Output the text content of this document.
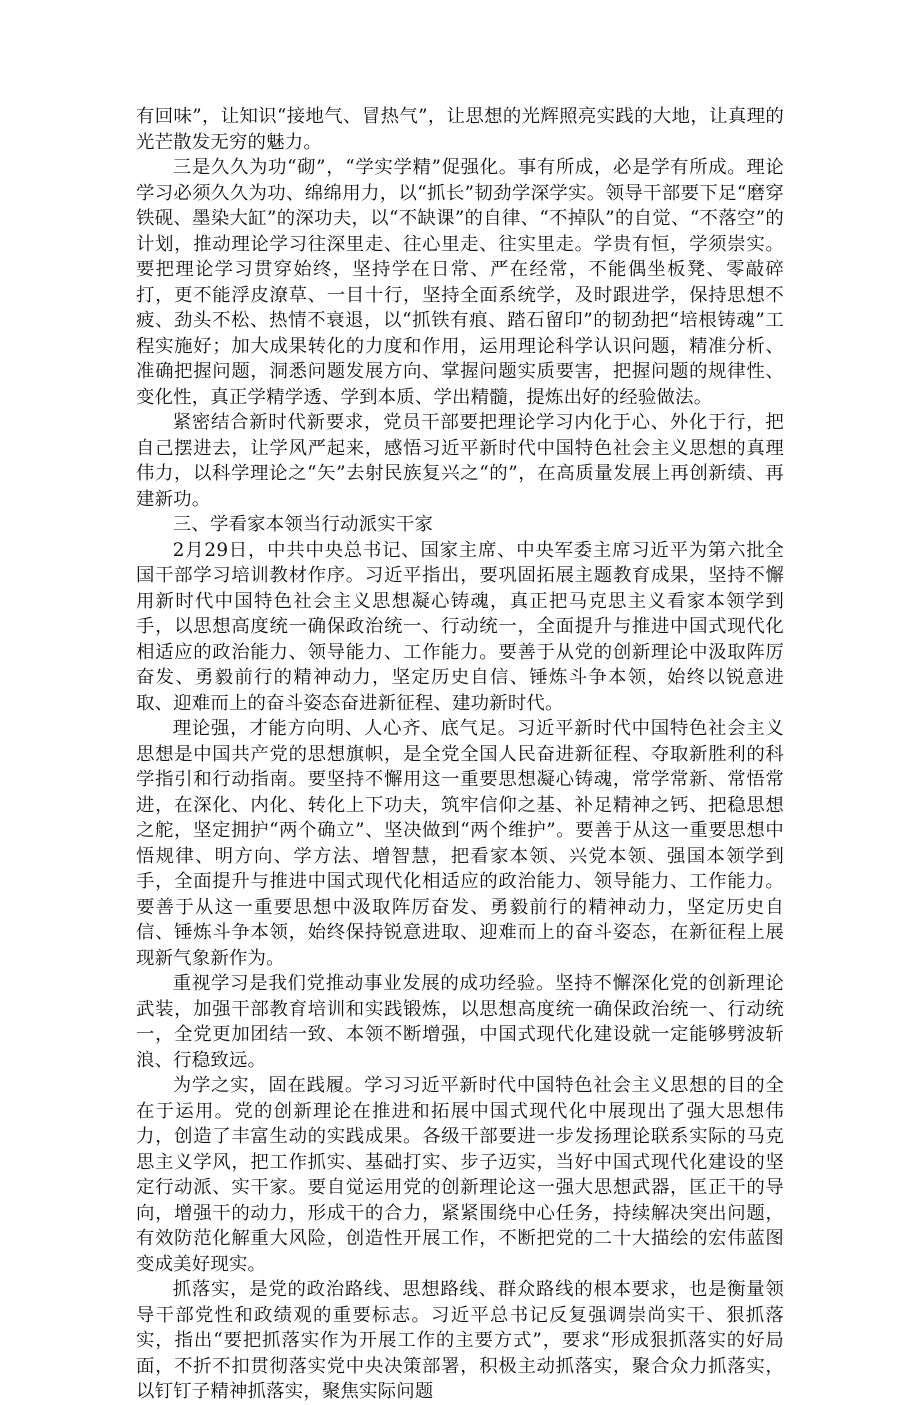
有回味”，让知识“接地气、冒热气”，让思想的光辉照亮实践的大地，让真理的光芒散发无穷的魅力。

三是久久为功“砌”，“学实学精”促强化。事有所成，必是学有所成。理论学习必须久久为功、绵绵用力，以“抓长”韧劲学深学实。领导干部要下足“磨穿铁砚、墨染大缸”的深功夫，以“不缺课”的自律、“不掉队”的自觉、“不落空”的计划，推动理论学习往深里走、往心里走、往实里走。学贵有恒，学须崇实。要把理论学习贯穿始终，坚持学在日常、严在经常，不能偶坐板凳、零敲碎打，更不能浮皮潦草、一目十行，坚持全面系统学，及时跟进学，保持思想不疲、劲头不松、热情不衰退，以“抓铁有痕、踏石留印”的韧劲把“培根铸魂”工程实施好；加大成果转化的力度和作用，运用理论科学认识问题，精准分析、准确把握问题，洞悉问题发展方向、掌握问题实质要害，把握问题的规律性、变化性，真正学精学透、学到本质、学出精髓，提炼出好的经验做法。

紧密结合新时代新要求，党员干部要把理论学习内化于心、外化于行，把自己摆进去，让学风严起来，感悟习近平新时代中国特色社会主义思想的真理伟力，以科学理论之“矢”去射民族复兴之“的”，在高质量发展上再创新绩、再建新功。

三、学看家本领当行动派实干家

2月29日，中共中央总书记、国家主席、中央军委主席习近平为第六批全国干部学习培训教材作序。习近平指出，要巩固拓展主题教育成果，坚持不懈用新时代中国特色社会主义思想凝心铸魂，真正把马克思主义看家本领学到手，以思想高度统一确保政治统一、行动统一，全面提升与推进中国式现代化相适应的政治能力、领导能力、工作能力。要善于从党的创新理论中汲取阵厉奋发、勇毅前行的精神动力，坚定历史自信、锤炼斗争本领，始终以锐意进取、迎难而上的奋斗姿态奋进新征程、建功新时代。

理论强，才能方向明、人心齐、底气足。习近平新时代中国特色社会主义思想是中国共产党的思想旗帜，是全党全国人民奋进新征程、夺取新胜利的科学指引和行动指南。要坚持不懈用这一重要思想凝心铸魂，常学常新、常悟常进，在深化、内化、转化上下功夫，筑牢信仰之基、补足精神之钙、把稳思想之舵，坚定拥护“两个确立”、坚决做到“两个维护”。要善于从这一重要思想中悟规律、明方向、学方法、增智慧，把看家本领、兴党本领、强国本领学到手，全面提升与推进中国式现代化相适应的政治能力、领导能力、工作能力。要善于从这一重要思想中汲取阵厉奋发、勇毅前行的精神动力，坚定历史自信、锤炼斗争本领，始终保持锐意进取、迎难而上的奋斗姿态，在新征程上展现新气象新作为。

重视学习是我们党推动事业发展的成功经验。坚持不懈深化党的创新理论武装，加强干部教育培训和实践锻炼，以思想高度统一确保政治统一、行动统一，全党更加团结一致、本领不断增强，中国式现代化建设就一定能够劈波斩浪、行稳致远。

为学之实，固在践履。学习习近平新时代中国特色社会主义思想的目的全在于运用。党的创新理论在推进和拓展中国式现代化中展现出了强大思想伟力，创造了丰富生动的实践成果。各级干部要进一步发扬理论联系实际的马克思主义学风，把工作抓实、基础打实、步子迈实，当好中国式现代化建设的坚定行动派、实干家。要自觉运用党的创新理论这一强大思想武器，匡正干的导向，增强干的动力，形成干的合力，紧紧围绕中心任务，持续解决突出问题，有效防范化解重大风险，创造性开展工作，不断把党的二十大描绘的宏伟蓝图变成美好现实。

抓落实，是党的政治路线、思想路线、群众路线的根本要求，也是衡量领导干部党性和政绩观的重要标志。习近平总书记反复强调崇尚实干、狠抓落实，指出“要把抓落实作为开展工作的主要方式”，要求“形成狠抓落实的好局面，不折不扣贯彻落实党中央决策部署，积极主动抓落实，聚合众力抓落实，以钉钉子精神抓落实，聚焦实际问题
